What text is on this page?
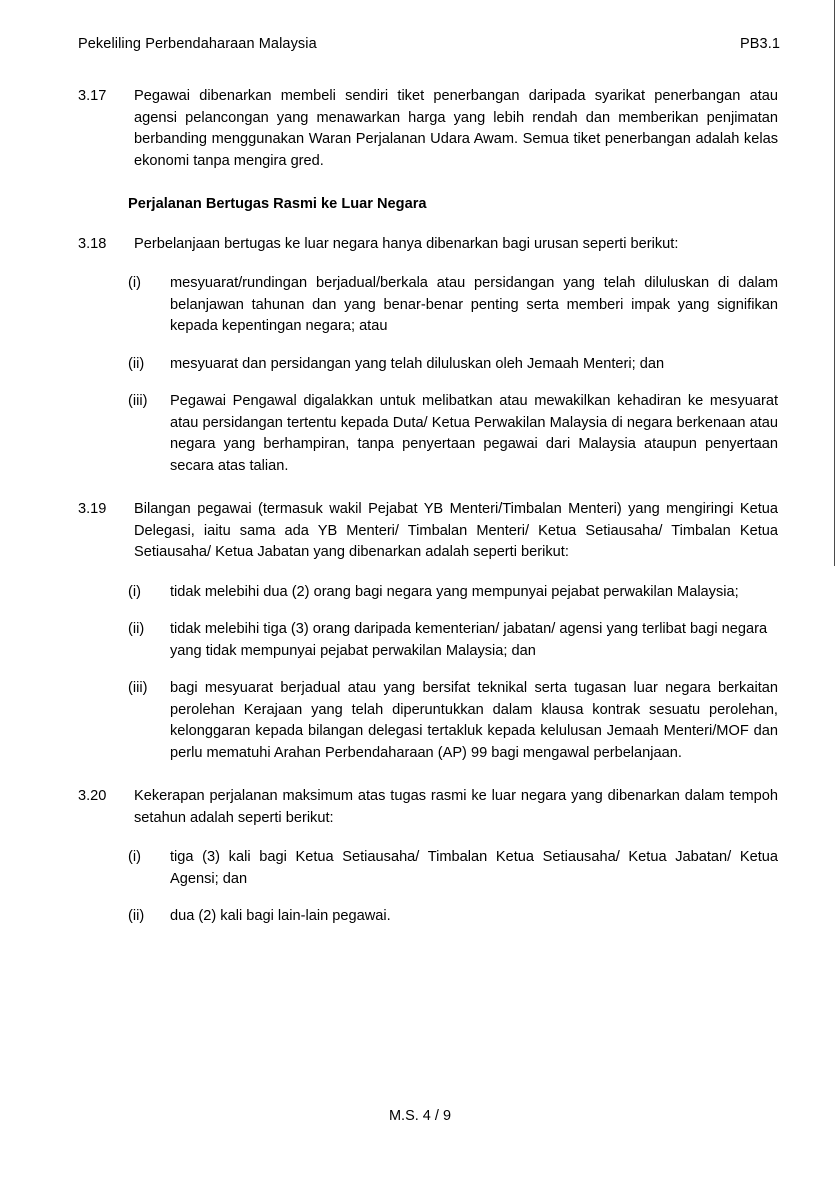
Pekeliling Perbendaharaan Malaysia	PB3.1
3.17	Pegawai dibenarkan membeli sendiri tiket penerbangan daripada syarikat penerbangan atau agensi pelancongan yang menawarkan harga yang lebih rendah dan memberikan penjimatan berbanding menggunakan Waran Perjalanan Udara Awam. Semua tiket penerbangan adalah kelas ekonomi tanpa mengira gred.
Perjalanan Bertugas Rasmi ke Luar Negara
3.18	Perbelanjaan bertugas ke luar negara hanya dibenarkan bagi urusan seperti berikut:
(i)	mesyuarat/rundingan berjadual/berkala atau persidangan yang telah diluluskan di dalam belanjawan tahunan dan yang benar-benar penting serta memberi impak yang signifikan kepada kepentingan negara; atau
(ii)	mesyuarat dan persidangan yang telah diluluskan oleh Jemaah Menteri; dan
(iii)	Pegawai Pengawal digalakkan untuk melibatkan atau mewakilkan kehadiran ke mesyuarat atau persidangan tertentu kepada Duta/ Ketua Perwakilan Malaysia di negara berkenaan atau negara yang berhampiran, tanpa penyertaan pegawai dari Malaysia ataupun penyertaan secara atas talian.
3.19	Bilangan pegawai (termasuk wakil Pejabat YB Menteri/Timbalan Menteri) yang mengiringi Ketua Delegasi, iaitu sama ada YB Menteri/ Timbalan Menteri/ Ketua Setiausaha/ Timbalan Ketua Setiausaha/ Ketua Jabatan yang dibenarkan adalah seperti berikut:
(i)	tidak melebihi dua (2) orang bagi negara yang mempunyai pejabat perwakilan Malaysia;
(ii)	tidak melebihi tiga (3) orang daripada kementerian/ jabatan/ agensi yang terlibat bagi negara yang tidak mempunyai pejabat perwakilan Malaysia; dan
(iii)	bagi mesyuarat berjadual atau yang bersifat teknikal serta tugasan luar negara berkaitan perolehan Kerajaan yang telah diperuntukkan dalam klausa kontrak sesuatu perolehan, kelonggaran kepada bilangan delegasi tertakluk kepada kelulusan Jemaah Menteri/MOF dan perlu mematuhi Arahan Perbendaharaan (AP) 99 bagi mengawal perbelanjaan.
3.20	Kekerapan perjalanan maksimum atas tugas rasmi ke luar negara yang dibenarkan dalam tempoh setahun adalah seperti berikut:
(i)	tiga (3) kali bagi Ketua Setiausaha/ Timbalan Ketua Setiausaha/ Ketua Jabatan/ Ketua Agensi; dan
(ii)	dua (2) kali bagi lain-lain pegawai.
M.S. 4 / 9
